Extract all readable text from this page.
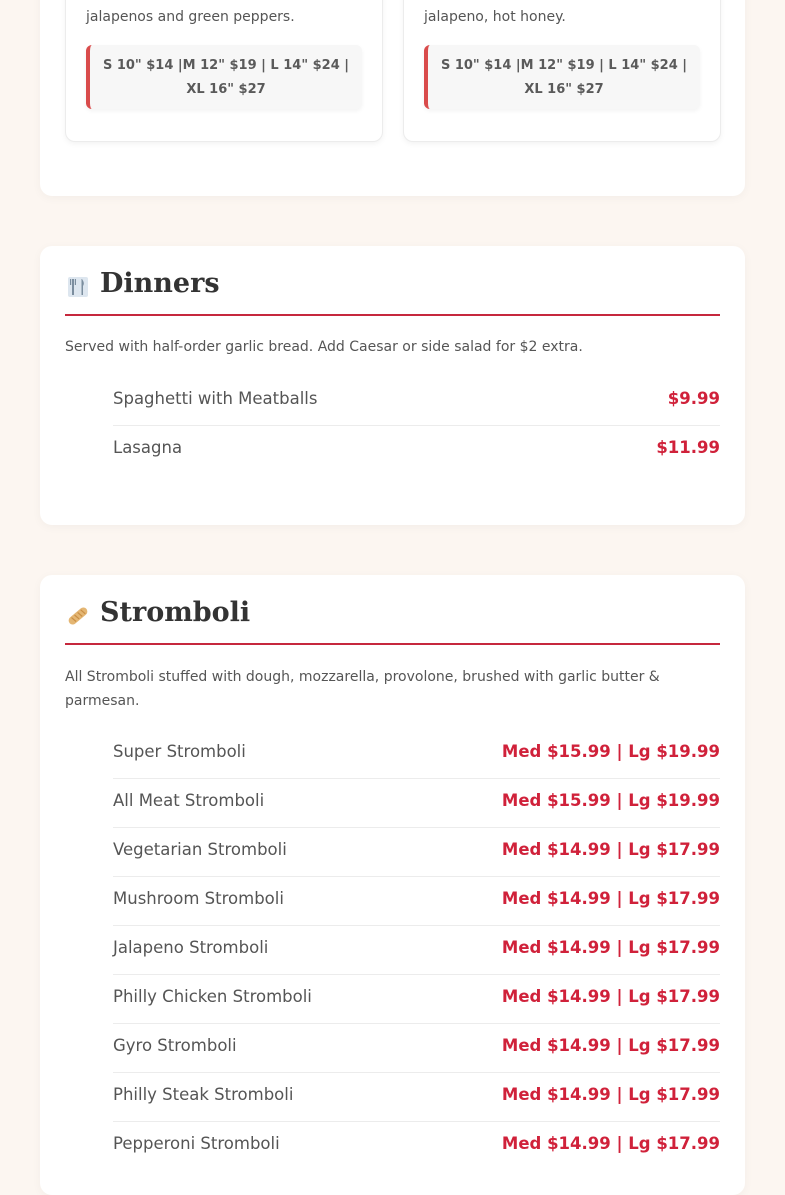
jalapenos and green peppers.
S 10" $14 |M 12" $19 | L 14" $24 | XL 16" $27
jalapeno, hot honey.
S 10" $14 |M 12" $19 | L 14" $24 | XL 16" $27
Dinners
Served with half-order garlic bread. Add Caesar or side salad for $2 extra.
Spaghetti with Meatballs	$9.99
Lasagna	$11.99
Stromboli
All Stromboli stuffed with dough, mozzarella, provolone, brushed with garlic butter & parmesan.
Super Stromboli	Med $15.99 | Lg $19.99
All Meat Stromboli	Med $15.99 | Lg $19.99
Vegetarian Stromboli	Med $14.99 | Lg $17.99
Mushroom Stromboli	Med $14.99 | Lg $17.99
Jalapeno Stromboli	Med $14.99 | Lg $17.99
Philly Chicken Stromboli	Med $14.99 | Lg $17.99
Gyro Stromboli	Med $14.99 | Lg $17.99
Philly Steak Stromboli	Med $14.99 | Lg $17.99
Pepperoni Stromboli	Med $14.99 | Lg $17.99
